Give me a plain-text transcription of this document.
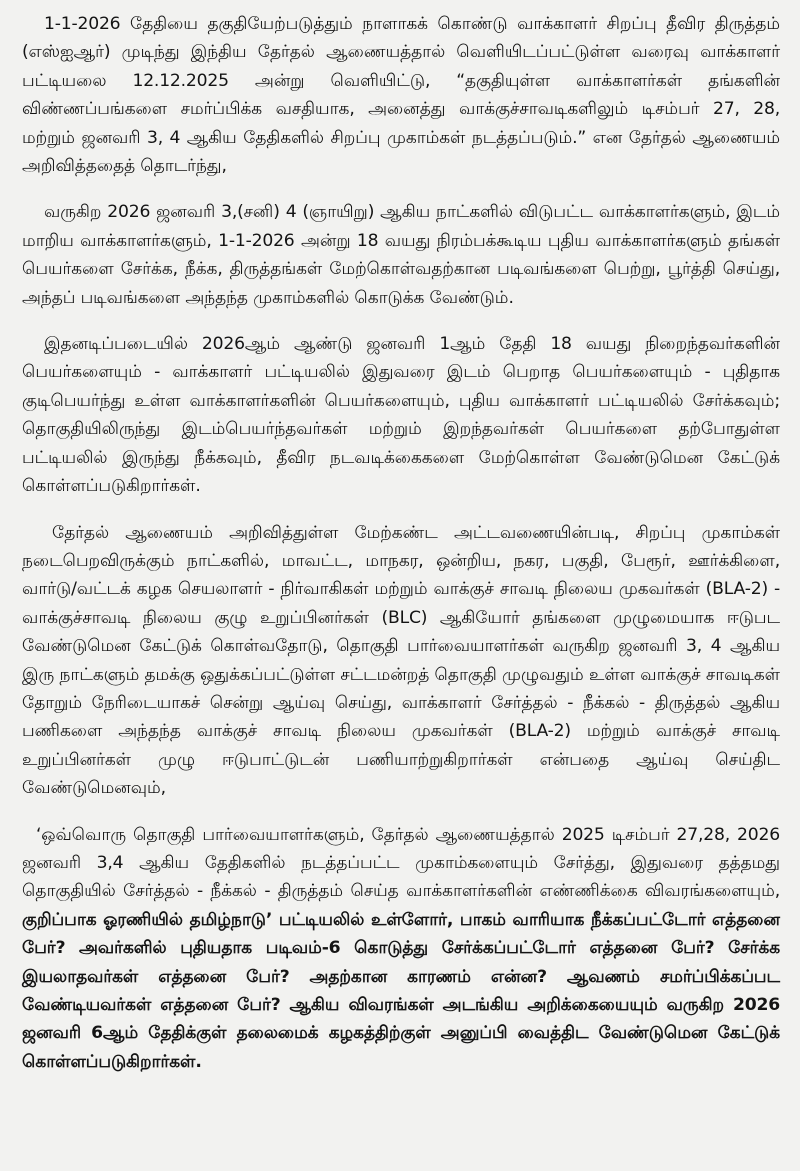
1-1-2026 தேதியை தகுதியேற்படுத்தும் நாளாகக் கொண்டு வாக்காளர் சிறப்பு தீவிர திருத்தம் (எஸ்ஐஆர்) முடிந்து இந்திய தேர்தல் ஆணையத்தால் வெளியிடப்பட்டுள்ள வரைவு வாக்காளர் பட்டியலை 12.12.2025 அன்று வெளியிட்டு, “தகுதியுள்ள வாக்காளர்கள் தங்களின் விண்ணப்பங்களை சமர்ப்பிக்க வசதியாக, அனைத்து வாக்குச்சாவடிகளிலும் டிசம்பர் 27, 28, மற்றும் ஜனவரி 3, 4 ஆகிய தேதிகளில் சிறப்பு முகாம்கள் நடத்தப்படும்.” என தேர்தல் ஆணையம் அறிவித்ததைத் தொடர்ந்து,

வருகிற 2026 ஜனவரி 3,(சனி) 4 (ஞாயிறு) ஆகிய நாட்களில் விடுபட்ட வாக்காளர்களும், இடம் மாறிய வாக்காளர்களும், 1-1-2026 அன்று 18 வயது நிரம்பக்கூடிய புதிய வாக்காளர்களும் தங்கள் பெயர்களை சேர்க்க, நீக்க, திருத்தங்கள் மேற்கொள்வதற்கான படிவங்களை பெற்று, பூர்த்தி செய்து, அந்தப் படிவங்களை அந்தந்த முகாம்களில் கொடுக்க வேண்டும்.

இதனடிப்படையில் 2026ஆம் ஆண்டு ஜனவரி 1ஆம் தேதி 18 வயது நிறைந்தவர்களின் பெயர்களையும் - வாக்காளர் பட்டியலில் இதுவரை இடம் பெறாத பெயர்களையும் - புதிதாக குடிபெயர்ந்து உள்ள வாக்காளர்களின் பெயர்களையும், புதிய வாக்காளர் பட்டியலில் சேர்க்கவும்; தொகுதியிலிருந்து இடம்பெயர்ந்தவர்கள் மற்றும் இறந்தவர்கள் பெயர்களை தற்போதுள்ள பட்டியலில் இருந்து நீக்கவும், தீவிர நடவடிக்கைகளை மேற்கொள்ள வேண்டுமென கேட்டுக் கொள்ளப்படுகிறார்கள்.

தேர்தல் ஆணையம் அறிவித்துள்ள மேற்கண்ட அட்டவணையின்படி, சிறப்பு முகாம்கள் நடைபெறவிருக்கும் நாட்களில், மாவட்ட, மாநகர, ஒன்றிய, நகர, பகுதி, பேரூர், ஊர்க்கிளை, வார்டு/வட்டக் கழக செயலாளர் - நிர்வாகிகள் மற்றும் வாக்குச் சாவடி நிலைய முகவர்கள் (BLA-2) - வாக்குச்சாவடி நிலைய குழு உறுப்பினர்கள் (BLC) ஆகியோர் தங்களை முழுமையாக ஈடுபட வேண்டுமென கேட்டுக் கொள்வதோடு, தொகுதி பார்வையாளர்கள் வருகிற ஜனவரி 3, 4 ஆகிய இரு நாட்களும் தமக்கு ஒதுக்கப்பட்டுள்ள சட்டமன்றத் தொகுதி முழுவதும் உள்ள வாக்குச் சாவடிகள் தோறும் நேரிடையாகச் சென்று ஆய்வு செய்து, வாக்காளர் சேர்த்தல் - நீக்கல் - திருத்தல் ஆகிய பணிகளை அந்தந்த வாக்குச் சாவடி நிலைய முகவர்கள் (BLA-2) மற்றும் வாக்குச் சாவடி உறுப்பினர்கள் முழு ஈடுபாட்டுடன் பணியாற்றுகிறார்கள் என்பதை ஆய்வு செய்திட வேண்டுமெனவும்,

‘ஒவ்வொரு தொகுதி பார்வையாளர்களும், தேர்தல் ஆணையத்தால் 2025 டிசம்பர் 27,28, 2026 ஜனவரி 3,4 ஆகிய தேதிகளில் நடத்தப்பட்ட முகாம்களையும் சேர்த்து, இதுவரை தத்தமது தொகுதியில் சேர்த்தல் - நீக்கல் - திருத்தம் செய்த வாக்காளர்களின் எண்ணிக்கை விவரங்களையும், குறிப்பாக ஓரணியில் தமிழ்நாடு’ பட்டியலில் உள்ளோர், பாகம் வாரியாக நீக்கப்பட்டோர் எத்தனை பேர்? அவர்களில் புதியதாக படிவம்-6 கொடுத்து சேர்க்கப்பட்டோர் எத்தனை பேர்? சேர்க்க இயலாதவர்கள் எத்தனை பேர்? அதற்கான காரணம் என்ன? ஆவணம் சமர்ப்பிக்கப்பட வேண்டியவர்கள் எத்தனை பேர்? ஆகிய விவரங்கள் அடங்கிய அறிக்கையையும் வருகிற 2026 ஜனவரி 6ஆம் தேதிக்குள் தலைமைக் கழகத்திற்குள் அனுப்பி வைத்திட வேண்டுமென கேட்டுக் கொள்ளப்படுகிறார்கள்.
